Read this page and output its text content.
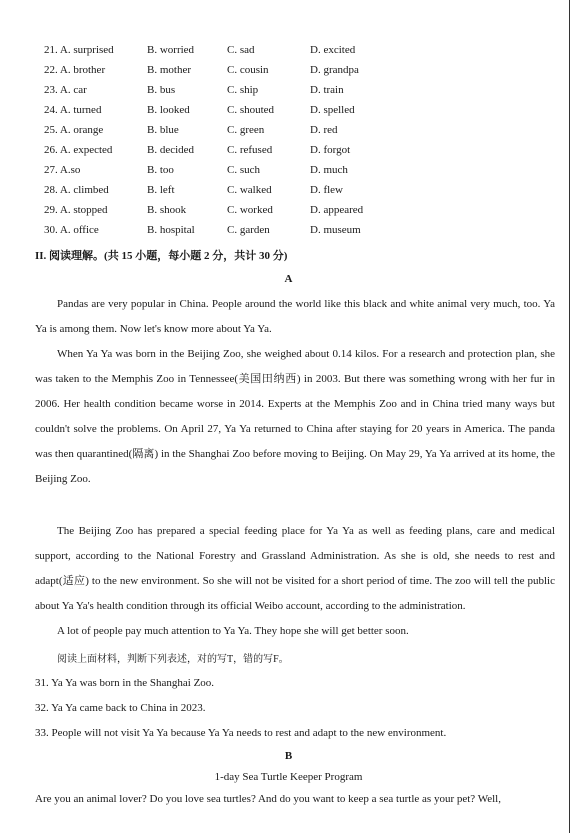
21. A. surprised	B. worried	C. sad	D. excited
22. A. brother	B. mother	C. cousin	D. grandpa
23. A. car	B. bus	C. ship	D. train
24. A. turned	B. looked	C. shouted	D. spelled
25. A. orange	B. blue	C. green	D. red
26. A. expected	B. decided	C. refused	D. forgot
27. A.so	B. too	C. such	D. much
28. A. climbed	B. left	C. walked	D. flew
29. A. stopped	B. shook	C. worked	D. appeared
30. A. office	B. hospital	C. garden	D. museum
II. 阅读理解。(共 15 小题，每小题 2 分，共计 30 分)
A

Pandas are very popular in China. People around the world like this black and white animal very much, too. Ya Ya is among them. Now let's know more about Ya Ya.

When Ya Ya was born in the Beijing Zoo, she weighed about 0.14 kilos. For a research and protection plan, she was taken to the Memphis Zoo in Tennessee(美国田纳西) in 2003. But there was something wrong with her fur in 2006. Her health condition became worse in 2014. Experts at the Memphis Zoo and in China tried many ways but couldn't solve the problems. On April 27, Ya Ya returned to China after staying for 20 years in America. The panda was then quarantined(隔离) in the Shanghai Zoo before moving to Beijing. On May 29, Ya Ya arrived at its home, the Beijing Zoo.

The Beijing Zoo has prepared a special feeding place for Ya Ya as well as feeding plans, care and medical support, according to the National Forestry and Grassland Administration. As she is old, she needs to rest and adapt(适应) to the new environment. So she will not be visited for a short period of time. The zoo will tell the public about Ya Ya's health condition through its official Weibo account, according to the administration.

A lot of people pay much attention to Ya Ya. They hope she will get better soon.

阅读上面材料，判断下列表述，对的写T，错的写F。
31. Ya Ya was born in the Shanghai Zoo.
32. Ya Ya came back to China in 2023.
33. People will not visit Ya Ya because Ya Ya needs to rest and adapt to the new environment.
B
1-day Sea Turtle Keeper Program
Are you an animal lover? Do you love sea turtles? And do you want to keep a sea turtle as your pet? Well,
